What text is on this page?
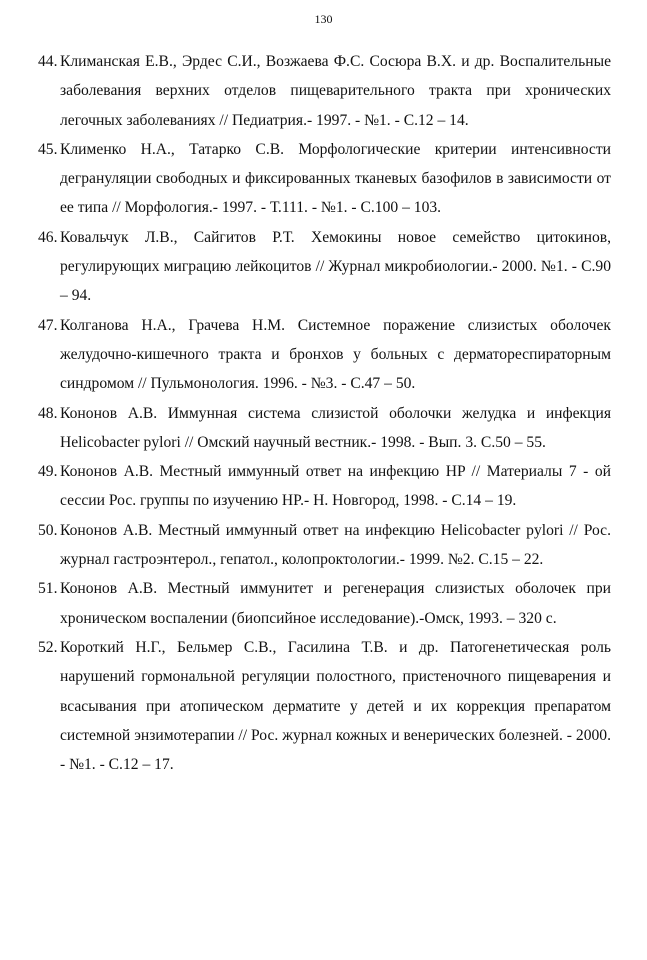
130
44. Климанская Е.В., Эрдес С.И., Возжаева Ф.С. Сосюра В.Х. и др. Воспалительные заболевания верхних отделов пищеварительного тракта при хронических легочных заболеваниях // Педиатрия.- 1997. - №1. - С.12 – 14.
45. Клименко Н.А., Татарко С.В. Морфологические критерии интенсивности дегрануляции свободных и фиксированных тканевых базофилов в зависимости от ее типа // Морфология.- 1997. - Т.111. - №1. - С.100 – 103.
46. Ковальчук Л.В., Сайгитов Р.Т. Хемокины новое семейство цитокинов, регулирующих миграцию лейкоцитов // Журнал микробиологии.- 2000. №1. - С.90 – 94.
47. Колганова Н.А., Грачева Н.М. Системное поражение слизистых оболочек желудочно-кишечного тракта и бронхов у больных с дерматореспираторным синдромом // Пульмонология. 1996. - №3. - С.47 – 50.
48. Кононов А.В. Иммунная система слизистой оболочки желудка и инфекция Helicobacter pylori // Омский научный вестник.- 1998. - Вып. 3. С.50 – 55.
49. Кононов А.В. Местный иммунный ответ на инфекцию HP // Материалы 7 - ой сессии Рос. группы по изучению HP.- Н. Новгород, 1998. - С.14 – 19.
50. Кононов А.В. Местный иммунный ответ на инфекцию Helicobacter pylori // Рос. журнал гастроэнтерол., гепатол., колопроктологии.- 1999. №2. С.15 – 22.
51. Кононов А.В. Местный иммунитет и регенерация слизистых оболочек при хроническом воспалении (биопсийное исследование).-Омск, 1993. – 320 с.
52. Короткий Н.Г., Бельмер С.В., Гасилина Т.В. и др. Патогенетическая роль нарушений гормональной регуляции полостного, пристеночного пищеварения и всасывания при атопическом дерматите у детей и их коррекция препаратом системной энзимотерапии // Рос. журнал кожных и венерических болезней. - 2000. - №1. - С.12 – 17.
